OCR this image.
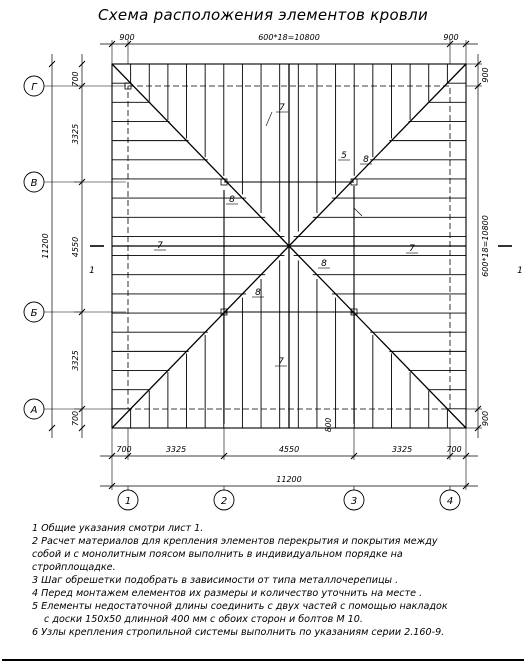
Схема расположения элементов кровли
1	2	3	4
Г
В
Б
А
900	600*18=10800	900
700	3325	4550	3325	700
11200
700
3325
4550
3325
700
11200
900
600*18=10800
900
800
1	1
7
7
7	7
8
8
8
8
5

1 Общие указания смотри лист 1.

2 Расчет материалов для крепления элементов перекрытия и покрытия между

собой и с монолитным поясом выполнить в индивидуальном порядке на

стройплощадке.

3 Шаг обрешетки подобрать в зависимости от типа металлочерепицы .

4 Перед монтажем елементов их размеры и количество уточнить на месте .

5 Елементы недостаточной длины соединить с двух частей с помощью накладок

с доски 150х50 длинной 400 мм с обоих сторон и болтов М 10.

6 Узлы крепления стропильной системы выполнить по указаниям серии 2.160-9.
